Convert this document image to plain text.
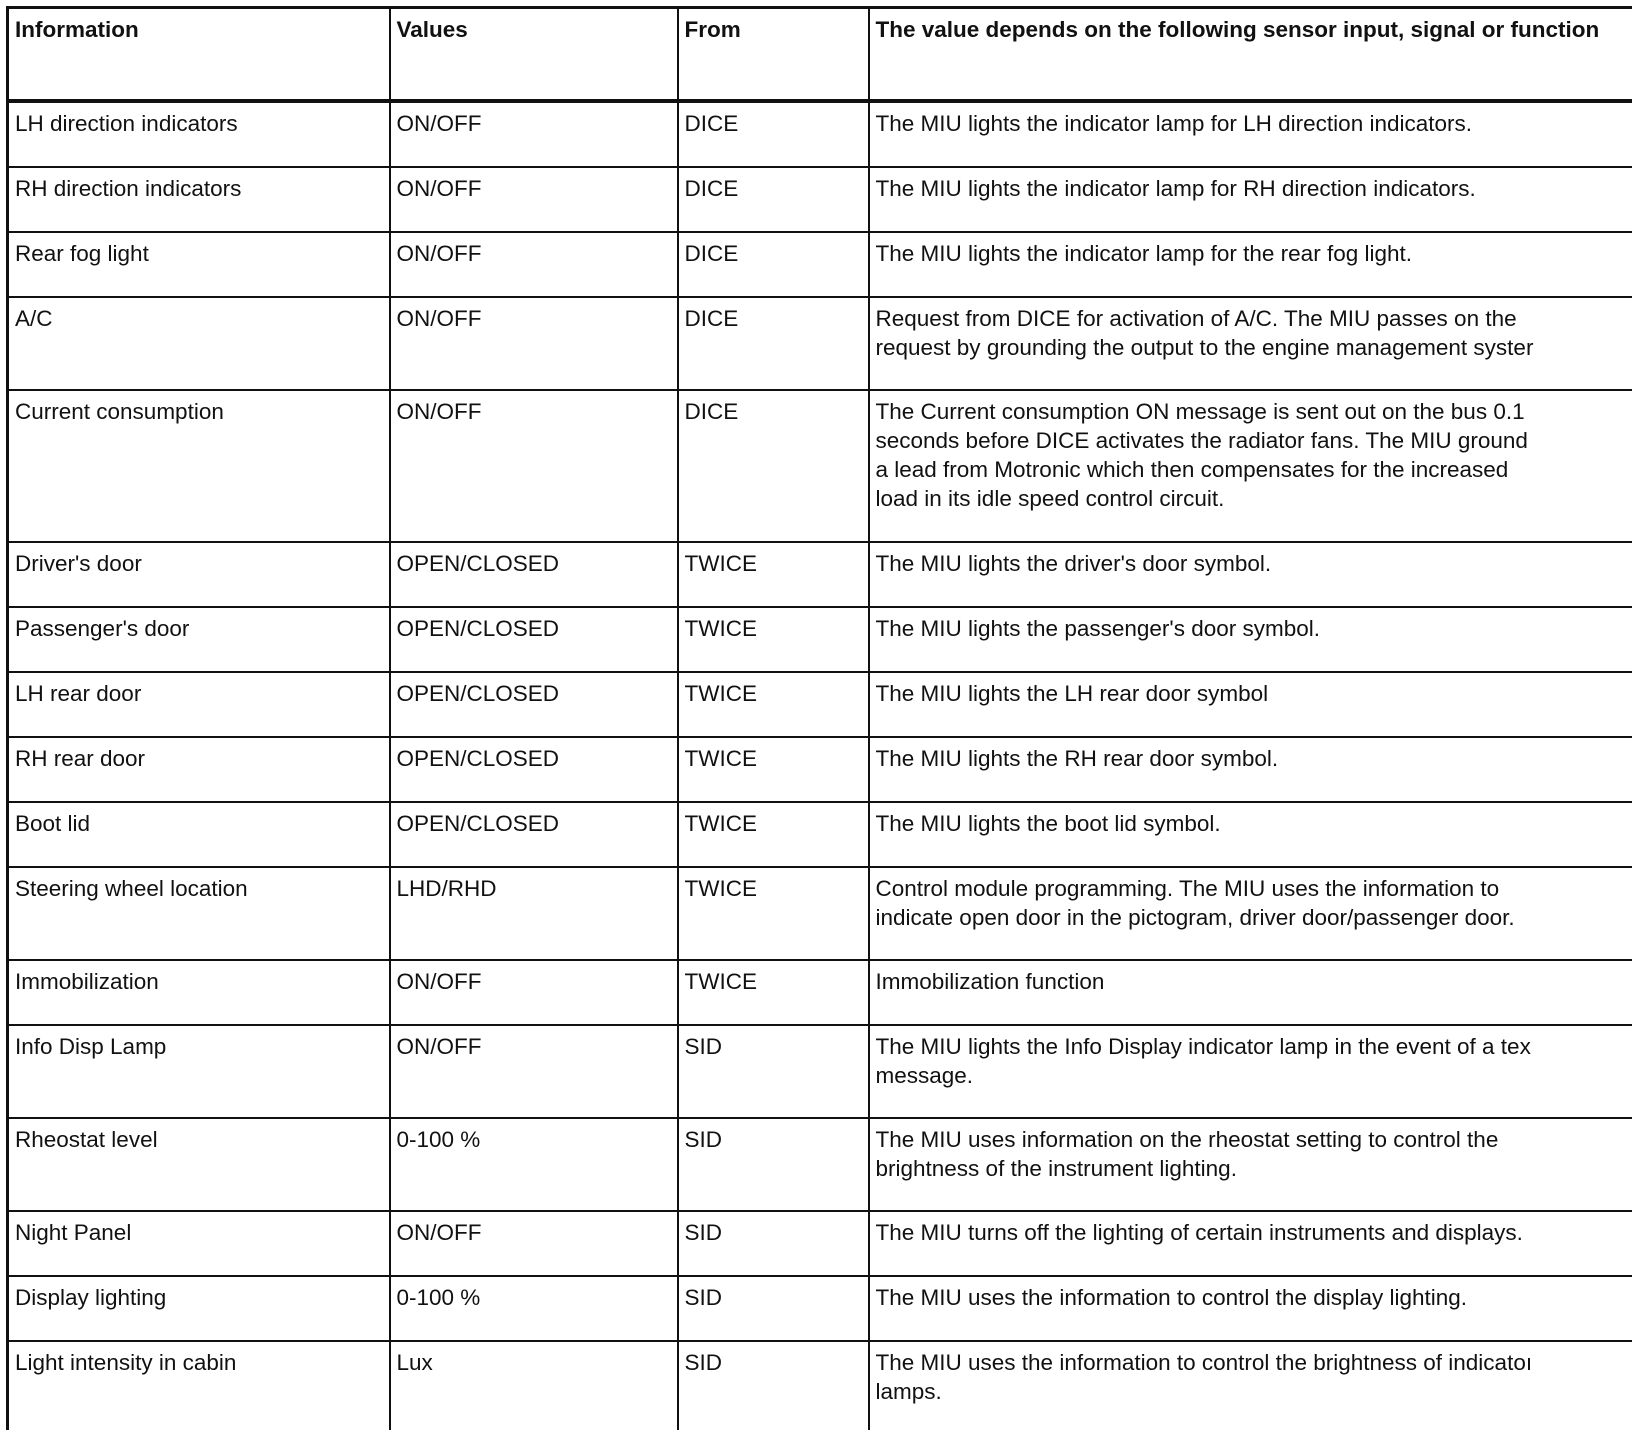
Information	Values	From	The value depends on the following sensor input, signal or function
LH direction indicators	ON/OFF	DICE	The MIU lights the indicator lamp for LH direction indicators.

RH direction indicators	ON/OFF	DICE	The MIU lights the indicator lamp for RH direction indicators.

Rear fog light	ON/OFF	DICE	The MIU lights the indicator lamp for the rear fog light.

A/C	ON/OFF	DICE	Request from DICE for activation of A/C. The MIU passes on the
request by grounding the output to the engine management syster

Current consumption	ON/OFF	DICE	The Current consumption ON message is sent out on the bus 0.1
seconds before DICE activates the radiator fans. The MIU ground
a lead from Motronic which then compensates for the increased
load in its idle speed control circuit.

Driver's door	OPEN/CLOSED	TWICE	The MIU lights the driver's door symbol.

Passenger's door	OPEN/CLOSED	TWICE	The MIU lights the passenger's door symbol.

LH rear door	OPEN/CLOSED	TWICE	The MIU lights the LH rear door symbol

RH rear door	OPEN/CLOSED	TWICE	The MIU lights the RH rear door symbol.

Boot lid	OPEN/CLOSED	TWICE	The MIU lights the boot lid symbol.

Steering wheel location	LHD/RHD	TWICE	Control module programming. The MIU uses the information to
indicate open door in the pictogram, driver door/passenger door.

Immobilization	ON/OFF	TWICE	Immobilization function

Info Disp Lamp	ON/OFF	SID	The MIU lights the Info Display indicator lamp in the event of a tex
message.

Rheostat level	0-100 %	SID	The MIU uses information on the rheostat setting to control the
brightness of the instrument lighting.

Night Panel	ON/OFF	SID	The MIU turns off the lighting of certain instruments and displays.

Display lighting	0-100 %	SID	The MIU uses the information to control the display lighting.

Light intensity in cabin	Lux	SID	The MIU uses the information to control the brightness of indicatoı
lamps.
